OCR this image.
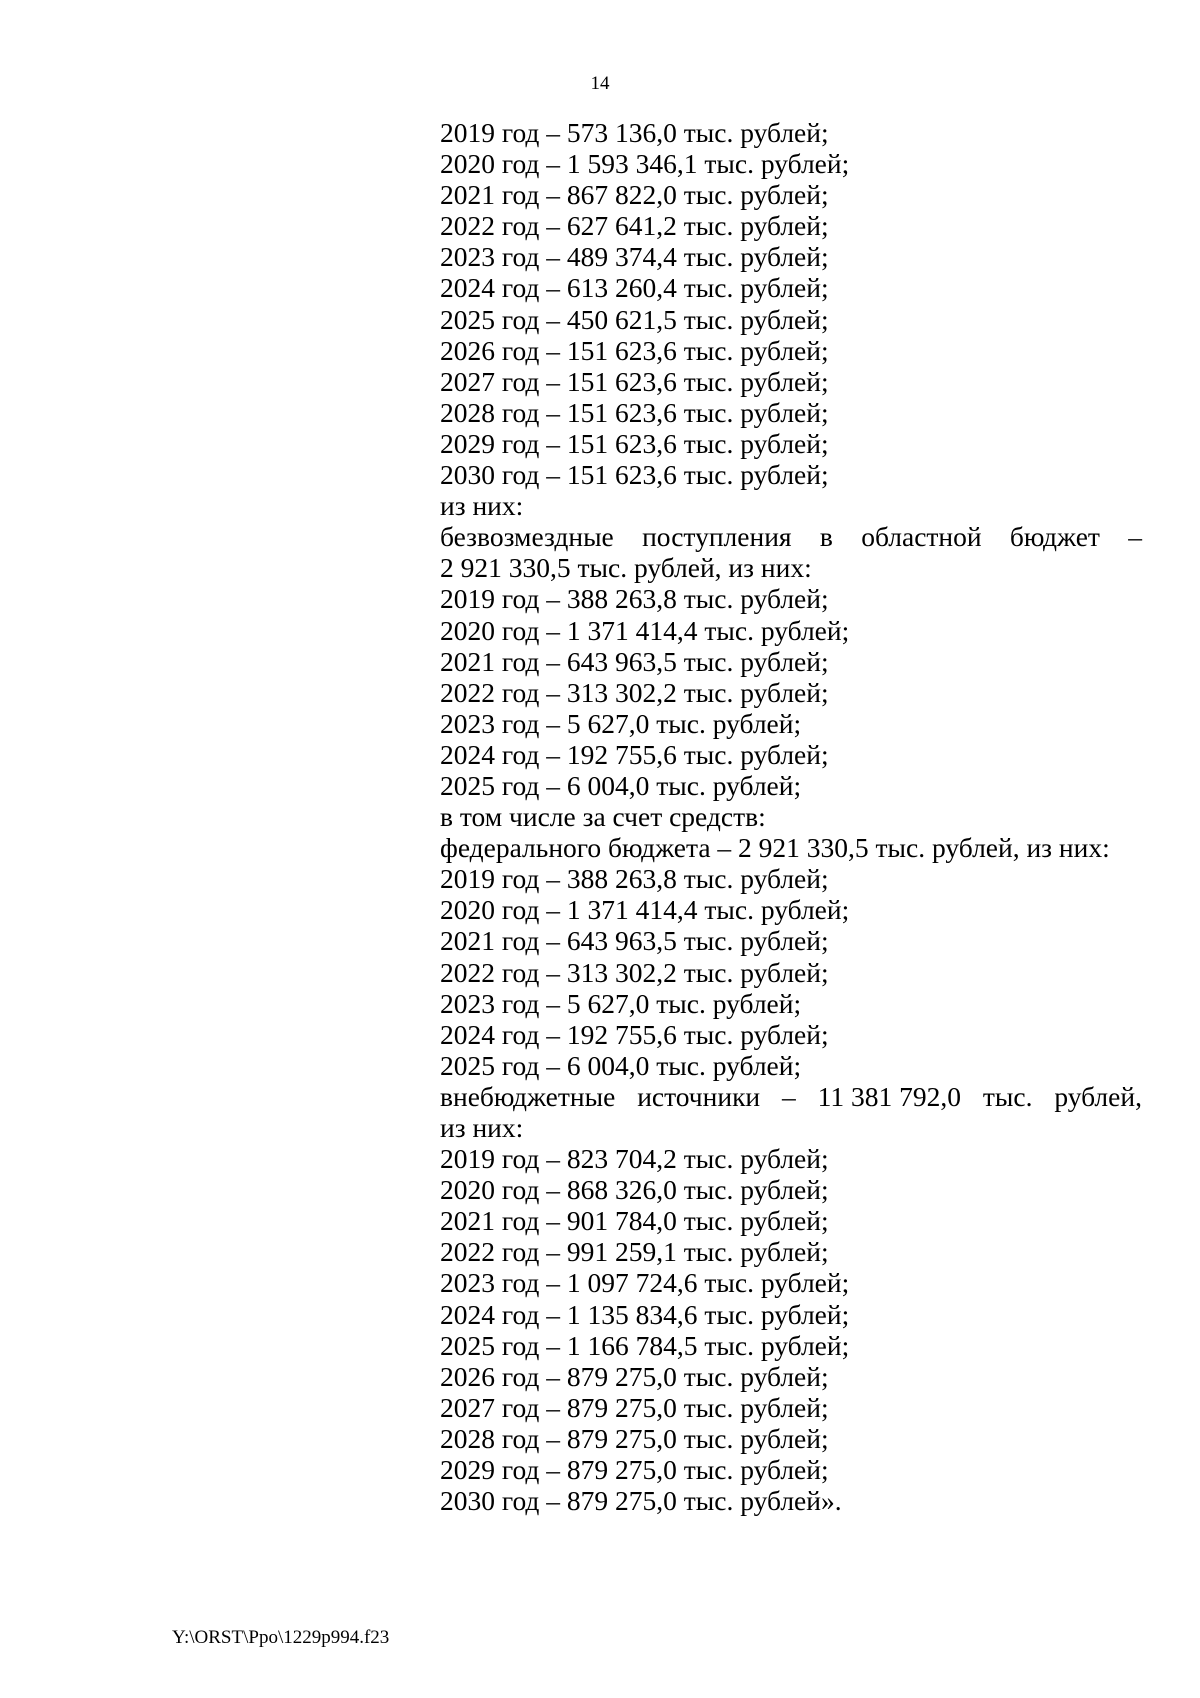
14
2019 год – 573 136,0 тыс. рублей;
2020 год – 1 593 346,1 тыс. рублей;
2021 год – 867 822,0 тыс. рублей;
2022 год – 627 641,2 тыс. рублей;
2023 год – 489 374,4 тыс. рублей;
2024 год – 613 260,4 тыс. рублей;
2025 год – 450 621,5 тыс. рублей;
2026 год – 151 623,6 тыс. рублей;
2027 год – 151 623,6 тыс. рублей;
2028 год – 151 623,6 тыс. рублей;
2029 год – 151 623,6 тыс. рублей;
2030 год – 151 623,6 тыс. рублей;
из них:
безвозмездные поступления в областной бюджет –
2 921 330,5 тыс. рублей, из них:
2019 год – 388 263,8 тыс. рублей;
2020 год – 1 371 414,4 тыс. рублей;
2021 год – 643 963,5 тыс. рублей;
2022 год – 313 302,2 тыс. рублей;
2023 год – 5 627,0 тыс. рублей;
2024 год – 192 755,6 тыс. рублей;
2025 год – 6 004,0 тыс. рублей;
в том числе за счет средств:
федерального бюджета – 2 921 330,5 тыс. рублей, из них:
2019 год – 388 263,8 тыс. рублей;
2020 год – 1 371 414,4 тыс. рублей;
2021 год – 643 963,5 тыс. рублей;
2022 год – 313 302,2 тыс. рублей;
2023 год – 5 627,0 тыс. рублей;
2024 год – 192 755,6 тыс. рублей;
2025 год – 6 004,0 тыс. рублей;
внебюджетные источники – 11 381 792,0 тыс. рублей,
из них:
2019 год – 823 704,2 тыс. рублей;
2020 год – 868 326,0 тыс. рублей;
2021 год – 901 784,0 тыс. рублей;
2022 год – 991 259,1 тыс. рублей;
2023 год – 1 097 724,6 тыс. рублей;
2024 год – 1 135 834,6 тыс. рублей;
2025 год – 1 166 784,5 тыс. рублей;
2026 год – 879 275,0 тыс. рублей;
2027 год – 879 275,0 тыс. рублей;
2028 год – 879 275,0 тыс. рублей;
2029 год – 879 275,0 тыс. рублей;
2030 год – 879 275,0 тыс. рублей».
Y:\ORST\Ppo\1229p994.f23
